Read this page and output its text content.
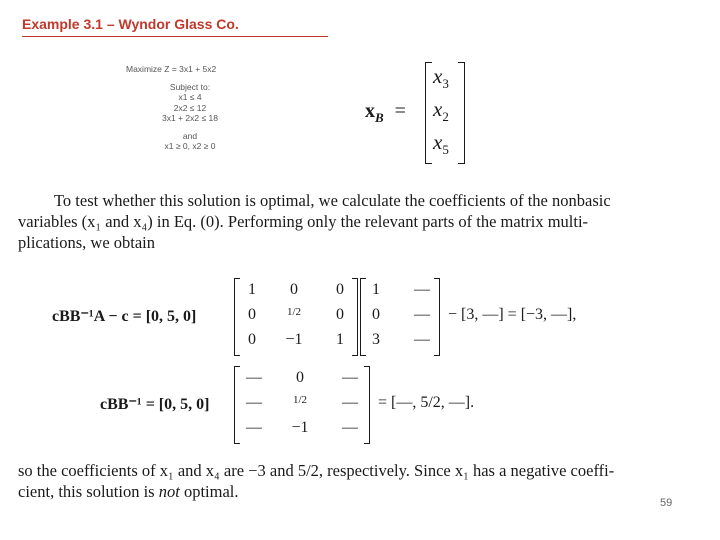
Example 3.1 – Wyndor Glass Co.
Maximize Z = 3x1 + 5x2
Subject to:
x1 ≤ 4
2x2 ≤ 12
3x1 + 2x2 ≤ 18
and
x1 ≥ 0, x2 ≥ 0
$x_B$ =
$x_3$
$x_2$
$x_5$
To test whether this solution is optimal, we calculate the coefficients of the nonbasic
variables (x₁ and x₄) in Eq. (0). Performing only the relevant parts of the matrix multi-
plications, we obtain
cBB⁻¹A − c = [0, 5, 0]
1	0	0
0	1/2	0
0	−1	1
1	—
0	—
3	—
− [3, —] = [−3, —],
cBB⁻¹ = [0, 5, 0]
—	0	—
—	1/2	—
— −1 —
= [—, 5/2, —].
so the coefficients of x₁ and x₄ are −3 and 5/2, respectively. Since x₁ has a negative coeffi-
cient, this solution is not optimal.
59
